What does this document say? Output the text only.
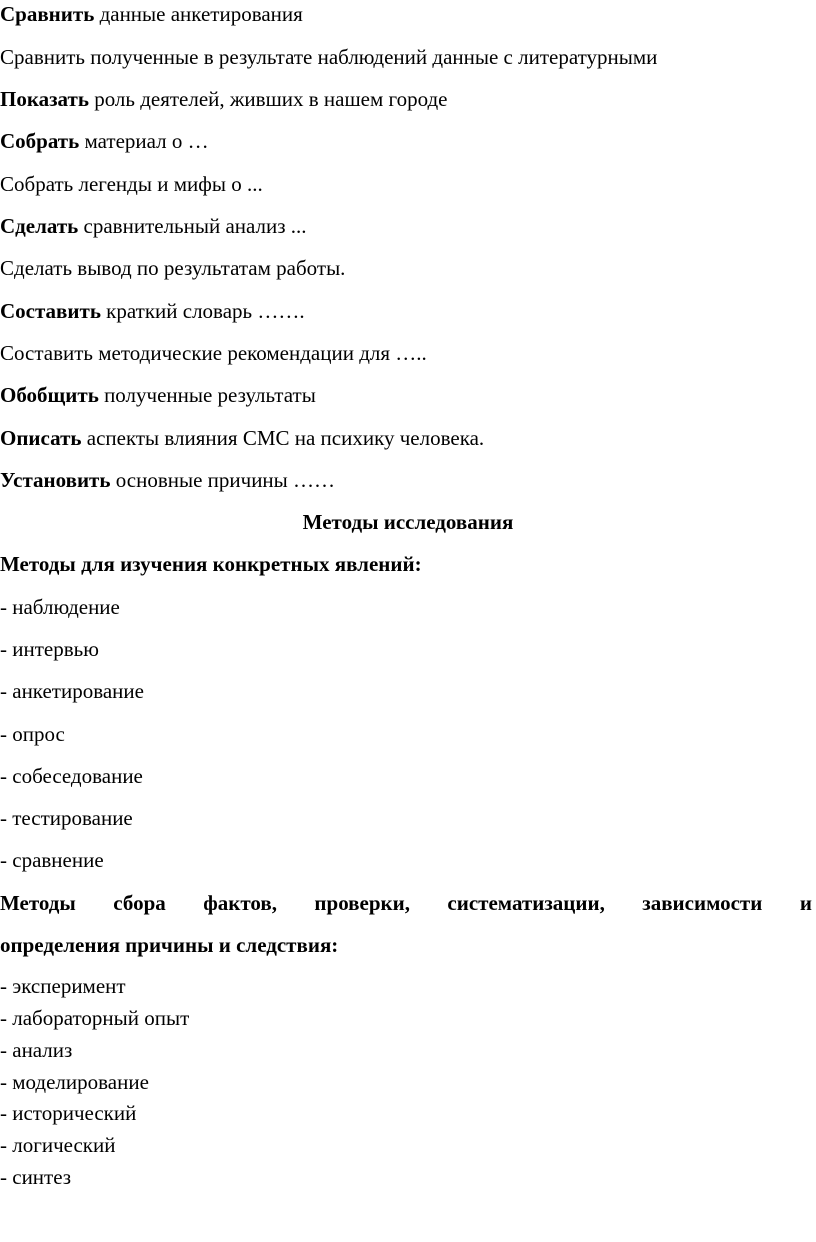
Сравнить данные анкетирования
Сравнить полученные в результате наблюдений данные с литературными
Показать роль деятелей, живших в нашем городе
Собрать материал о …
Собрать легенды и мифы о ...
Сделать сравнительный анализ ...
Сделать вывод по результатам работы.
Составить краткий словарь …….
Составить методические рекомендации для …..
Обобщить полученные результаты
Описать аспекты влияния СМС на психику человека.
Установить основные причины ……
Методы исследования
Методы для изучения конкретных явлений:
- наблюдение
- интервью
- анкетирование
- опрос
- собеседование
- тестирование
- сравнение
Методы сбора фактов, проверки, систематизации, зависимости и
определения причины и следствия:
- эксперимент
- лабораторный опыт
- анализ
- моделирование
- исторический
- логический
- синтез
